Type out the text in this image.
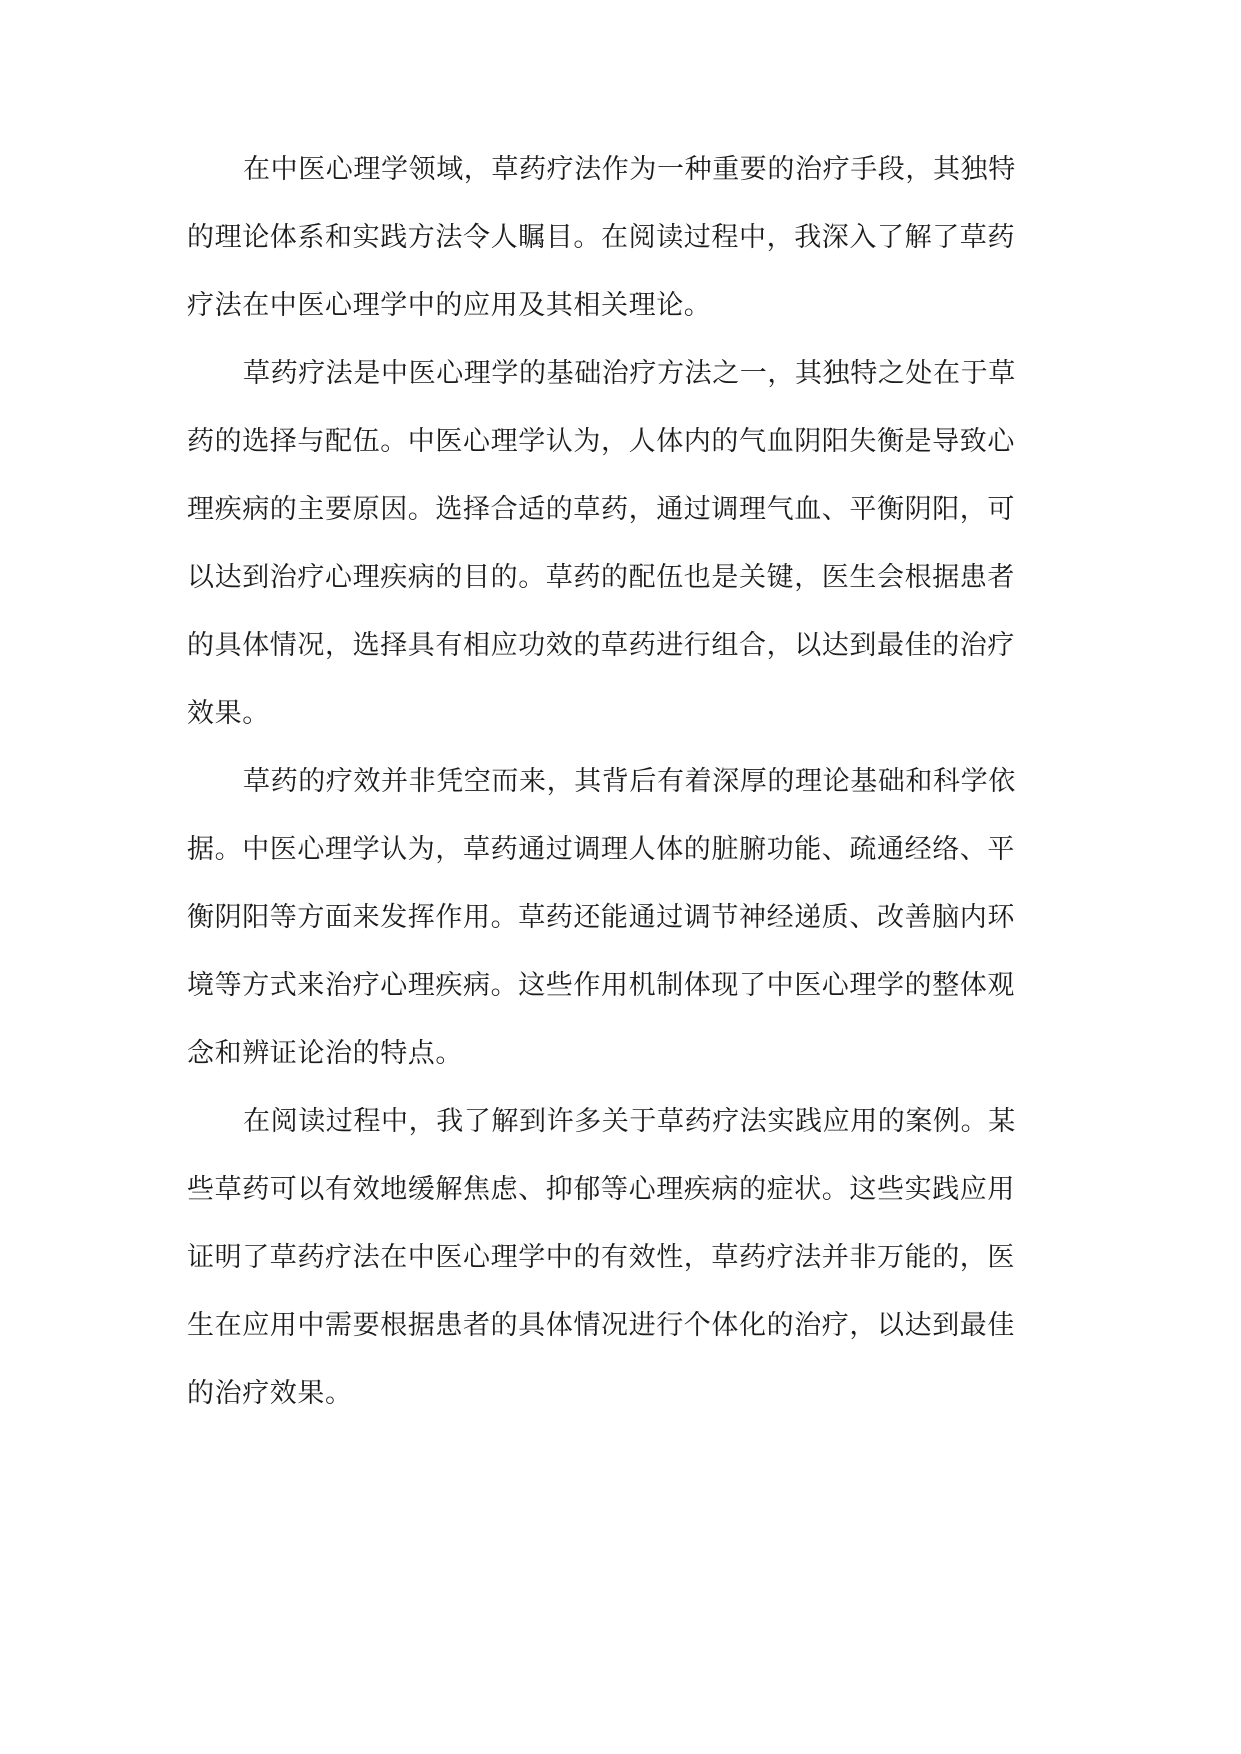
在中医心理学领域，草药疗法作为一种重要的治疗手段，其独特
的理论体系和实践方法令人瞩目。在阅读过程中，我深入了解了草药
疗法在中医心理学中的应用及其相关理论。
草药疗法是中医心理学的基础治疗方法之一，其独特之处在于草
药的选择与配伍。中医心理学认为，人体内的气血阴阳失衡是导致心
理疾病的主要原因。选择合适的草药，通过调理气血、平衡阴阳，可
以达到治疗心理疾病的目的。草药的配伍也是关键，医生会根据患者
的具体情况，选择具有相应功效的草药进行组合，以达到最佳的治疗
效果。
草药的疗效并非凭空而来，其背后有着深厚的理论基础和科学依
据。中医心理学认为，草药通过调理人体的脏腑功能、疏通经络、平
衡阴阳等方面来发挥作用。草药还能通过调节神经递质、改善脑内环
境等方式来治疗心理疾病。这些作用机制体现了中医心理学的整体观
念和辨证论治的特点。
在阅读过程中，我了解到许多关于草药疗法实践应用的案例。某
些草药可以有效地缓解焦虑、抑郁等心理疾病的症状。这些实践应用
证明了草药疗法在中医心理学中的有效性，草药疗法并非万能的，医
生在应用中需要根据患者的具体情况进行个体化的治疗，以达到最佳
的治疗效果。
